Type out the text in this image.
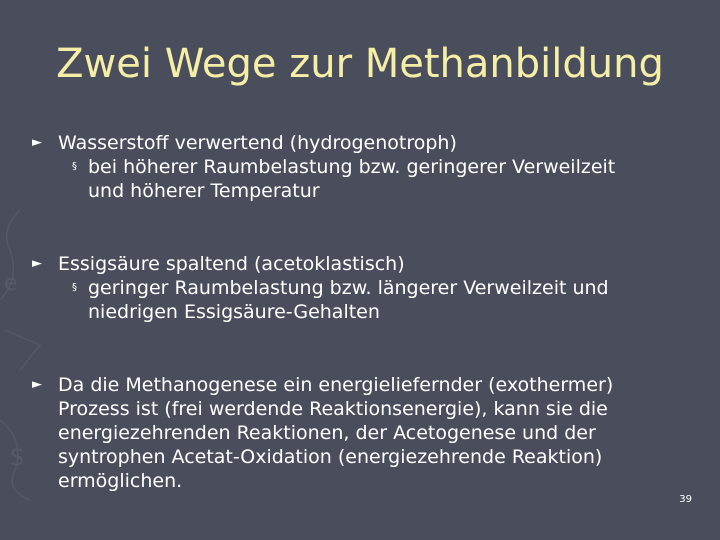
e
S
Zwei Wege zur Methanbildung
► Wasserstoff verwertend (hydrogenotroph)
§ bei höherer Raumbelastung bzw. geringerer Verweilzeit
und höherer Temperatur
► Essigsäure spaltend (acetoklastisch)
§ geringer Raumbelastung bzw. längerer Verweilzeit und
niedrigen Essigsäure-Gehalten
► Da die Methanogenese ein energieliefernder (exothermer)
Prozess ist (frei werdende Reaktionsenergie), kann sie die
energiezehrenden Reaktionen, der Acetogenese und der
syntrophen Acetat-Oxidation (energiezehrende Reaktion)
ermöglichen.
39
